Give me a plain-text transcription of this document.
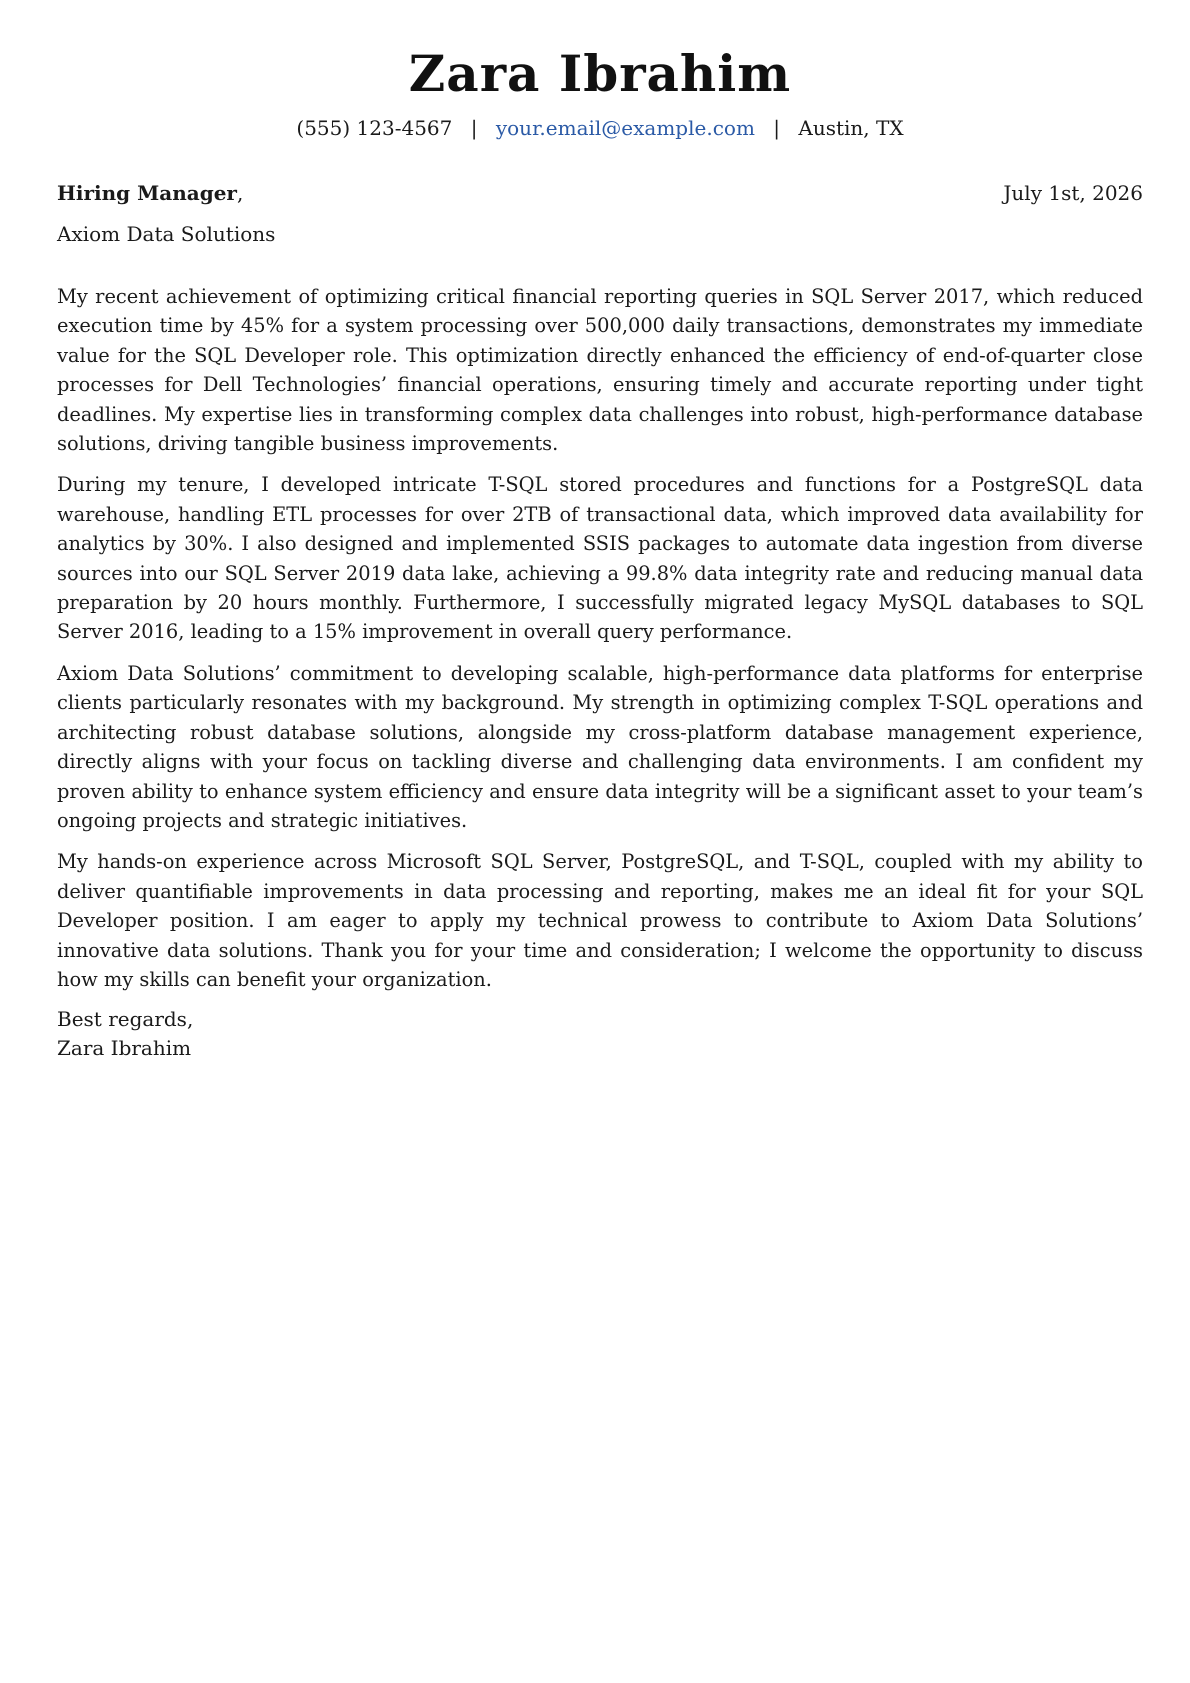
Zara Ibrahim
(555) 123-4567 | your.email@example.com | Austin, TX
Hiring Manager,	July 1st, 2026
Axiom Data Solutions

My recent achievement of optimizing critical financial reporting queries in SQL Server 2017, which reduced execution time by 45% for a system processing over 500,000 daily transactions, demonstrates my immediate value for the SQL Developer role. This optimization directly enhanced the efficiency of end-of-quarter close processes for Dell Technologies’ financial operations, ensuring timely and accurate reporting under tight deadlines. My expertise lies in transforming complex data challenges into robust, high-performance database solutions, driving tangible business improvements.

During my tenure, I developed intricate T-SQL stored procedures and functions for a PostgreSQL data warehouse, handling ETL processes for over 2TB of transactional data, which improved data availability for analytics by 30%. I also designed and implemented SSIS packages to automate data ingestion from diverse sources into our SQL Server 2019 data lake, achieving a 99.8% data integrity rate and reducing manual data preparation by 20 hours monthly. Furthermore, I successfully migrated legacy MySQL databases to SQL Server 2016, leading to a 15% improvement in overall query performance.

Axiom Data Solutions’ commitment to developing scalable, high-performance data platforms for enterprise clients particularly resonates with my background. My strength in optimizing complex T-SQL operations and architecting robust database solutions, alongside my cross-platform database management experience, directly aligns with your focus on tackling diverse and challenging data environments. I am confident my proven ability to enhance system efficiency and ensure data integrity will be a significant asset to your team’s ongoing projects and strategic initiatives.

My hands-on experience across Microsoft SQL Server, PostgreSQL, and T-SQL, coupled with my ability to deliver quantifiable improvements in data processing and reporting, makes me an ideal fit for your SQL Developer position. I am eager to apply my technical prowess to contribute to Axiom Data Solutions’ innovative data solutions. Thank you for your time and consideration; I welcome the opportunity to discuss how my skills can benefit your organization.

Best regards,
Zara Ibrahim
